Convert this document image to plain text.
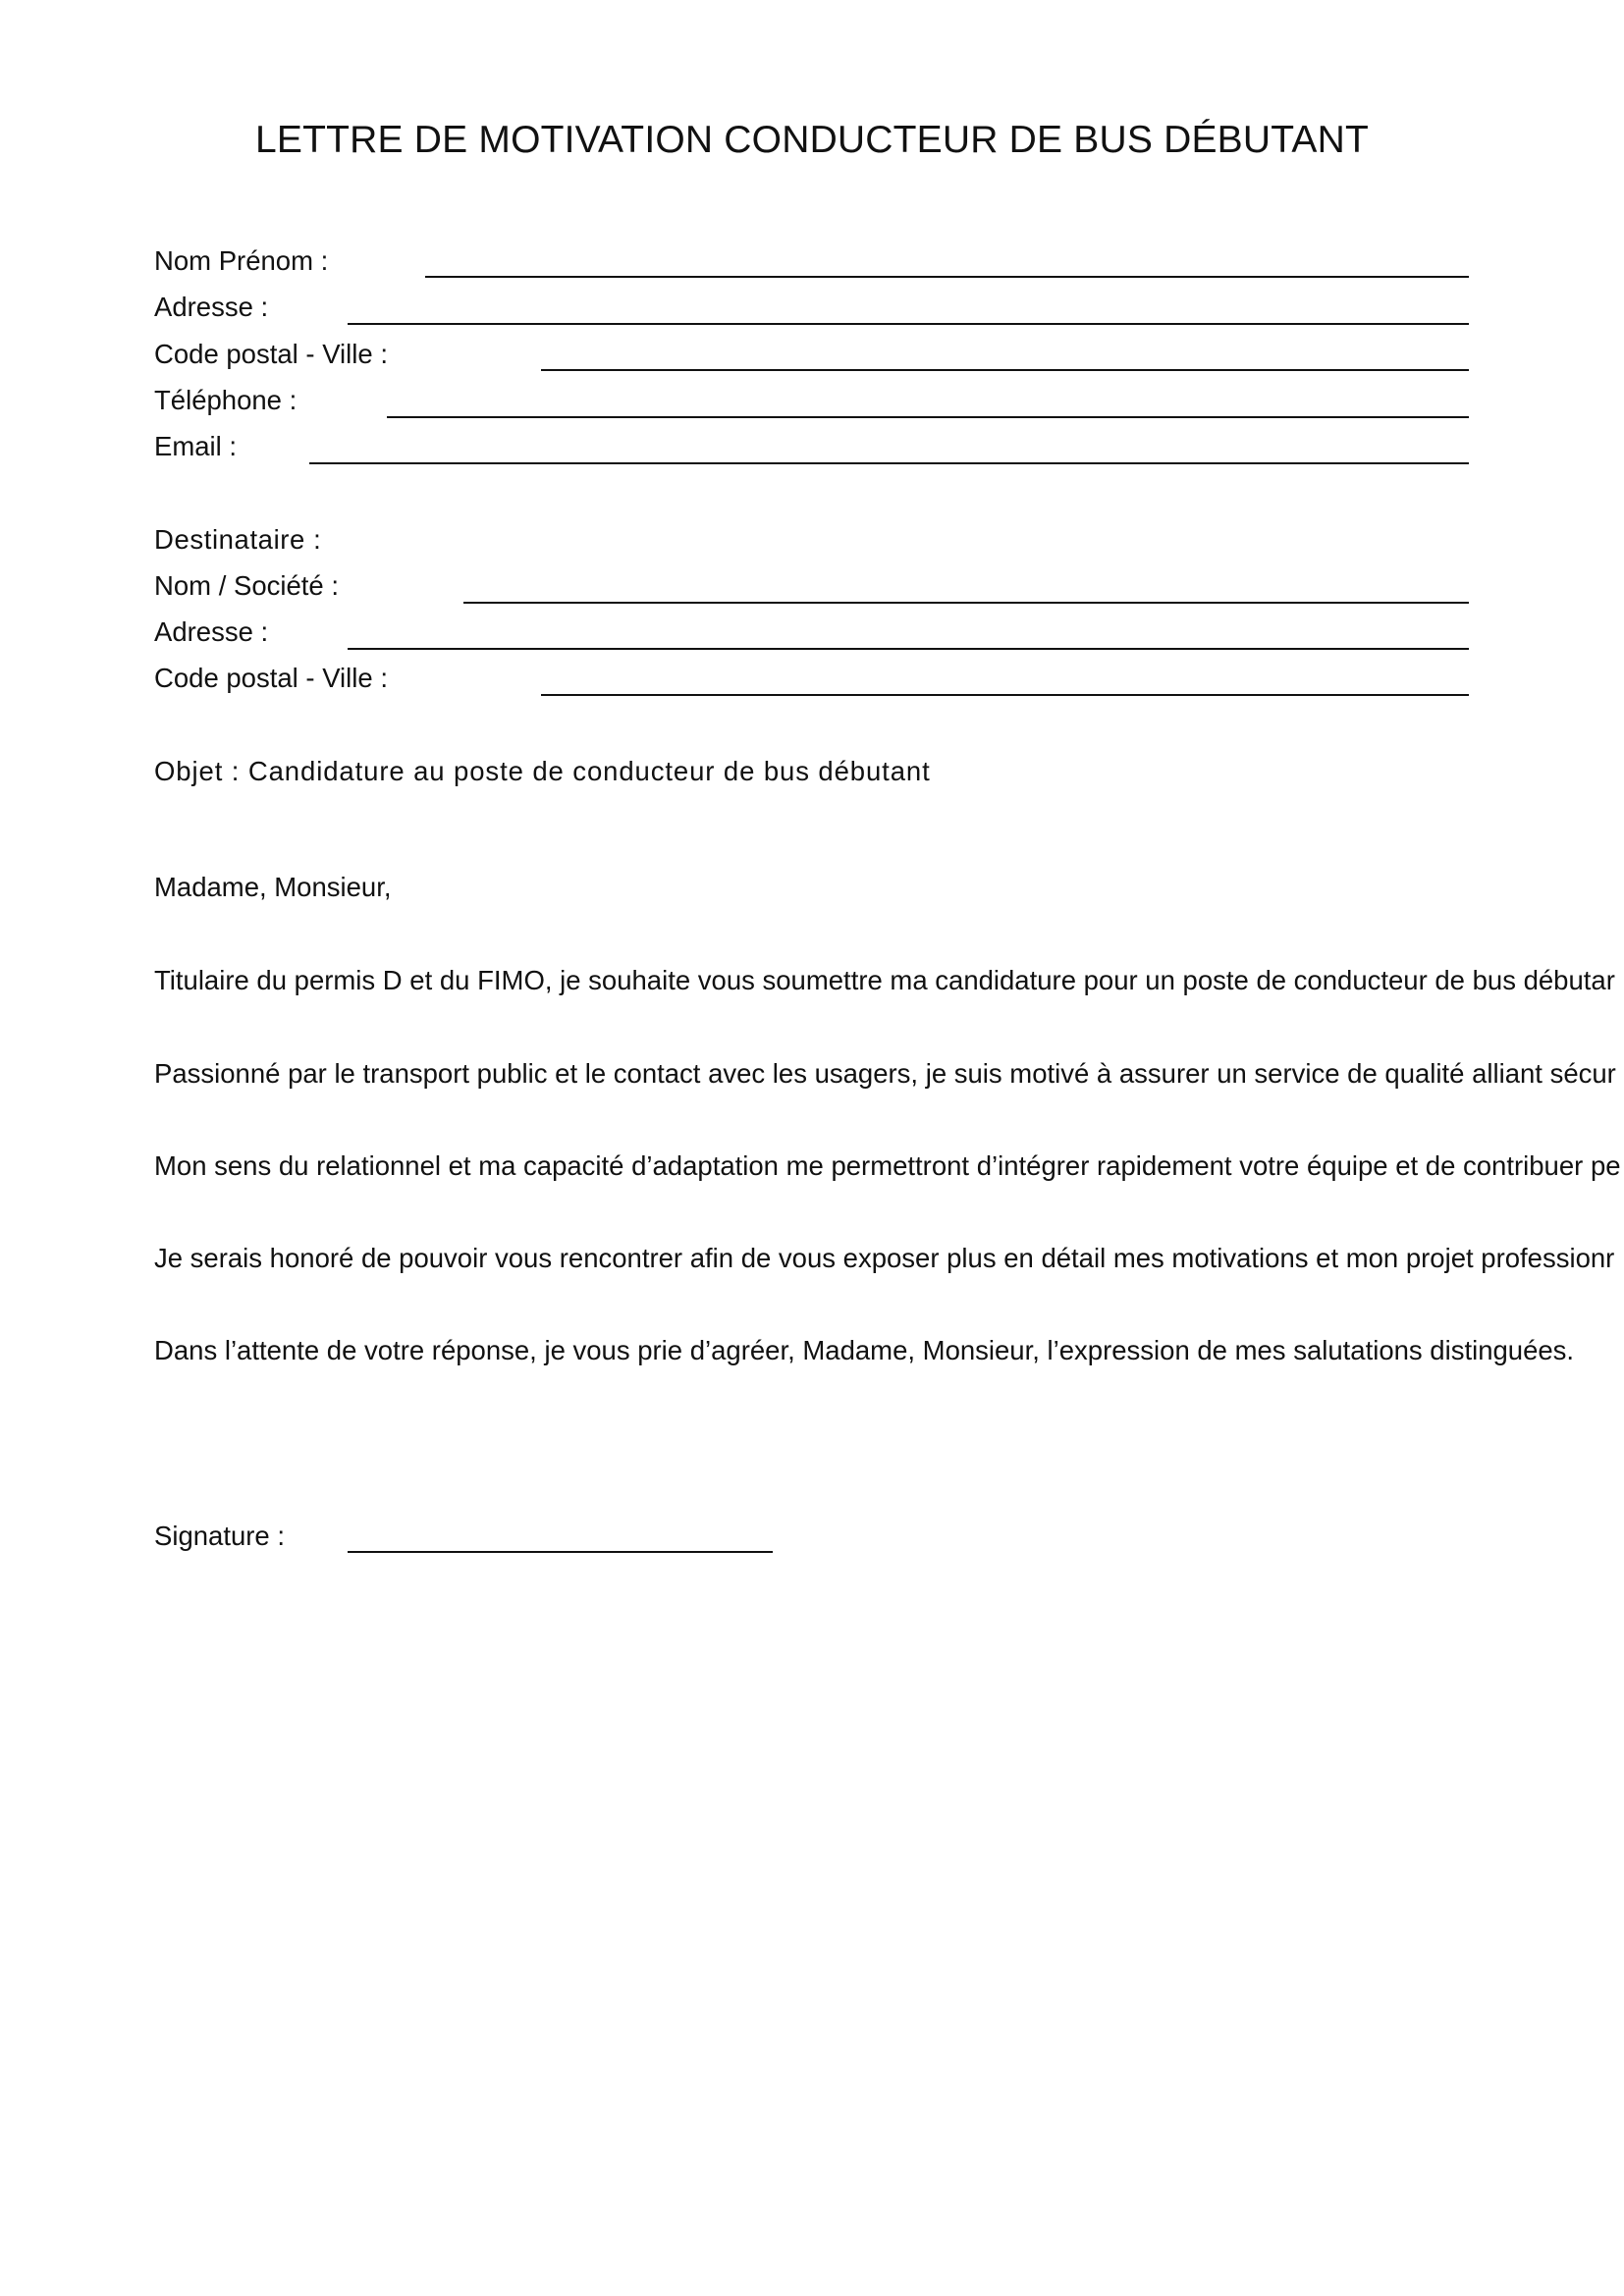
LETTRE DE MOTIVATION CONDUCTEUR DE BUS DÉBUTANT
Nom Prénom :
Adresse :
Code postal - Ville :
Téléphone :
Email :
Destinataire :
Nom / Société :
Adresse :
Code postal - Ville :
Objet : Candidature au poste de conducteur de bus débutant
Madame, Monsieur,
Titulaire du permis D et du FIMO, je souhaite vous soumettre ma candidature pour un poste de conducteur de bus débutar
Passionné par le transport public et le contact avec les usagers, je suis motivé à assurer un service de qualité alliant sécur
Mon sens du relationnel et ma capacité d’adaptation me permettront d’intégrer rapidement votre équipe et de contribuer pe
Je serais honoré de pouvoir vous rencontrer afin de vous exposer plus en détail mes motivations et mon projet professionr
Dans l’attente de votre réponse, je vous prie d’agréer, Madame, Monsieur, l’expression de mes salutations distinguées.
Signature :
